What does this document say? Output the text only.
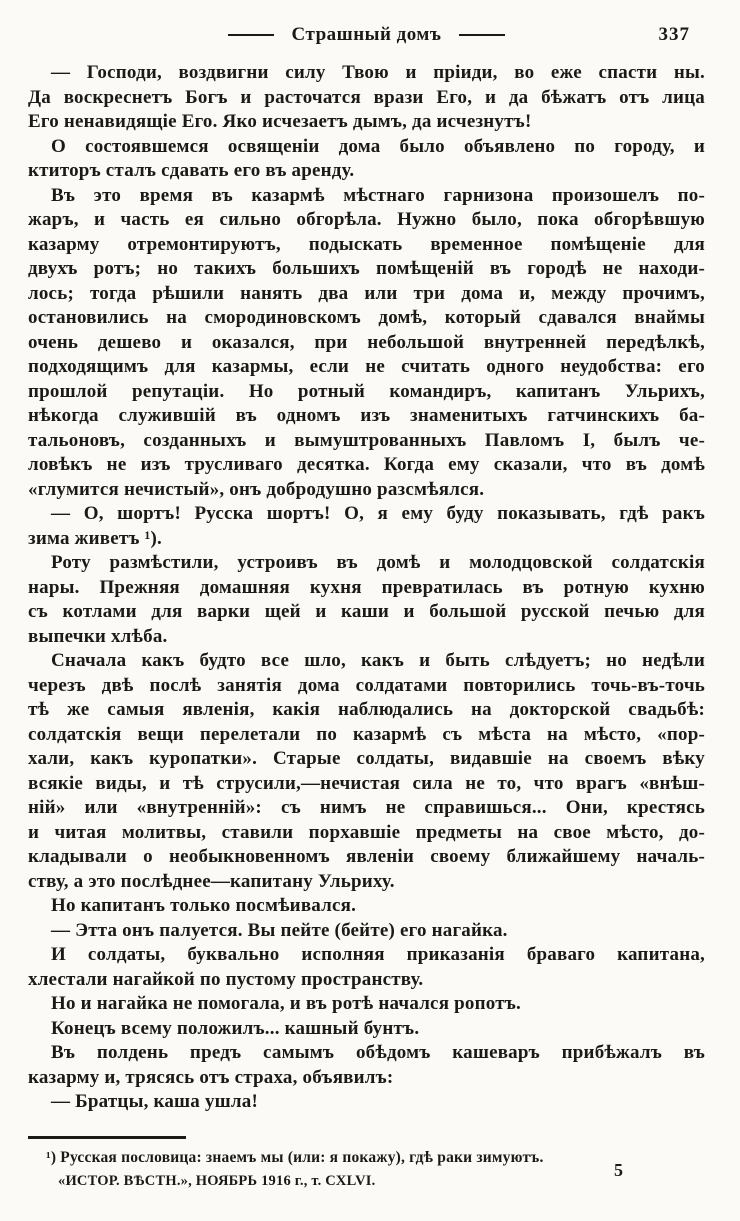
Страшный домъ	337
— Господи, воздвигни силу Твою и пріиди, во еже спасти ны.
Да воскреснетъ Богъ и расточатся врази Его, и да бѣжатъ отъ лица
Его ненавидящіе Его. Яко исчезаетъ дымъ, да исчезнутъ!
О состоявшемся освященіи дома было объявлено по городу, и
ктиторъ сталъ сдавать его въ аренду.
Въ это время въ казармѣ мѣстнаго гарнизона произошелъ по-
жаръ, и часть ея сильно обгорѣла. Нужно было, пока обгорѣвшую
казарму отремонтируютъ, подыскать временное помѣщеніе для
двухъ ротъ; но такихъ большихъ помѣщеній въ городѣ не находи-
лось; тогда рѣшили нанять два или три дома и, между прочимъ,
остановились на смородиновскомъ домѣ, который сдавался внаймы
очень дешево и оказался, при небольшой внутренней передѣлкѣ,
подходящимъ для казармы, если не считать одного неудобства: его
прошлой репутаціи. Но ротный командиръ, капитанъ Ульрихъ,
нѣкогда служившій въ одномъ изъ знаменитыхъ гатчинскихъ ба-
тальоновъ, созданныхъ и вымуштрованныхъ Павломъ I, былъ че-
ловѣкъ не изъ трусливаго десятка. Когда ему сказали, что въ домѣ
«глумится нечистый», онъ добродушно разсмѣялся.
— О, шортъ! Русска шортъ! О, я ему буду показывать, гдѣ ракъ
зима живетъ ¹).
Роту размѣстили, устроивъ въ домѣ и молодцовской солдатскія
нары. Прежняя домашняя кухня превратилась въ ротную кухню
съ котлами для варки щей и каши и большой русской печью для
выпечки хлѣба.
Сначала какъ будто все шло, какъ и быть слѣдуетъ; но недѣли
черезъ двѣ послѣ занятія дома солдатами повторились точь-въ-точь
тѣ же самыя явленія, какія наблюдались на докторской свадьбѣ:
солдатскія вещи перелетали по казармѣ съ мѣста на мѣсто, «пор-
хали, какъ куропатки». Старые солдаты, видавшіе на своемъ вѣку
всякіе виды, и тѣ струсили,—нечистая сила не то, что врагъ «внѣш-
ній» или «внутренній»: съ нимъ не справишься... Они, крестясь
и читая молитвы, ставили порхавшіе предметы на свое мѣсто, до-
кладывали о необыкновенномъ явленіи своему ближайшему началь-
ству, а это послѣднее—капитану Ульриху.
Но капитанъ только посмѣивался.
— Этта онъ палуется. Вы пейте (бейте) его нагайка.
И солдаты, буквально исполняя приказанія браваго капитана,
хлестали нагайкой по пустому пространству.
Но и нагайка не помогала, и въ ротѣ начался ропотъ.
Конецъ всему положилъ... кашный бунтъ.
Въ полдень предъ самымъ обѣдомъ кашеваръ прибѣжалъ въ
казарму и, трясясь отъ страха, объявилъ:
— Братцы, каша ушла!
¹) Русская пословица: знаемъ мы (или: я покажу), гдѣ раки зимуютъ.
«ИСТОР. ВѢСТН.», НОЯБРЬ 1916 г., т. CXLVI.
5
